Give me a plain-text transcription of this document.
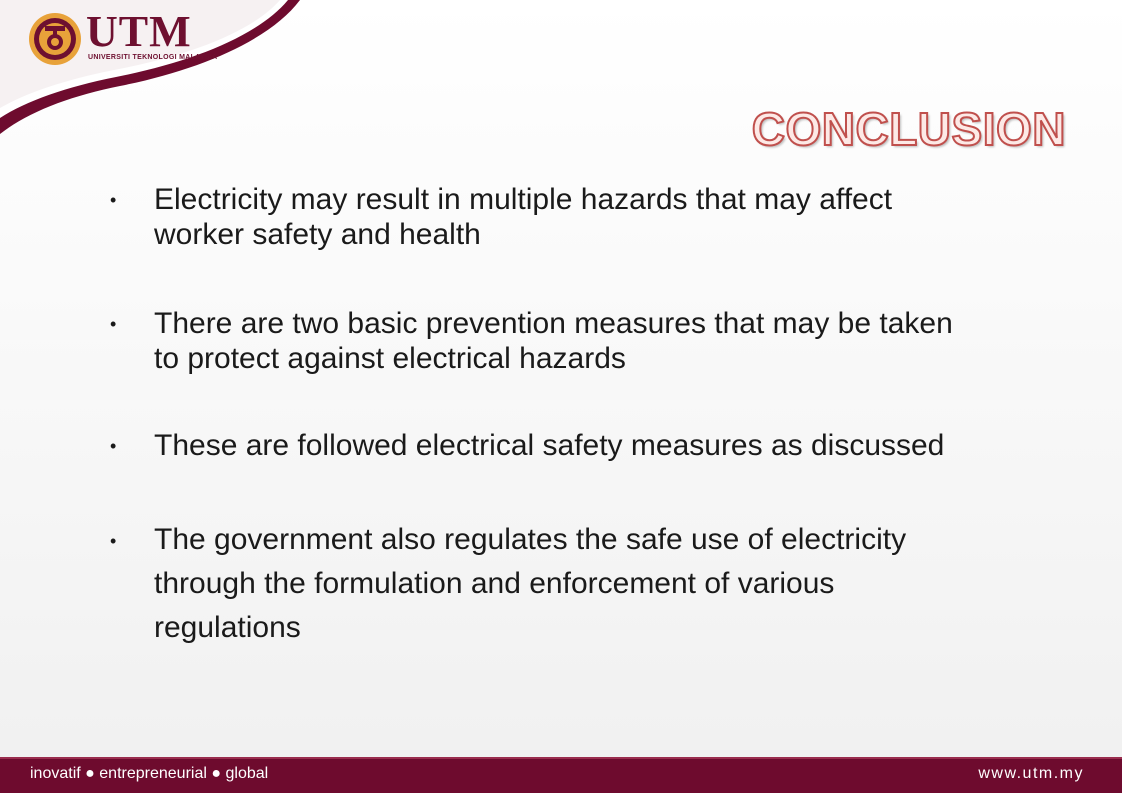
UTM
UNIVERSITI TEKNOLOGI MALAYSIA
CONCLUSION
• Electricity may result in multiple hazards that may affect
worker safety and health
• There are two basic prevention measures that may be taken
to protect against electrical hazards
• These are followed electrical safety measures as discussed
• The government also regulates the safe use of electricity
through the formulation and enforcement of various
regulations
inovatif ● entrepreneurial ● global	www.utm.my
